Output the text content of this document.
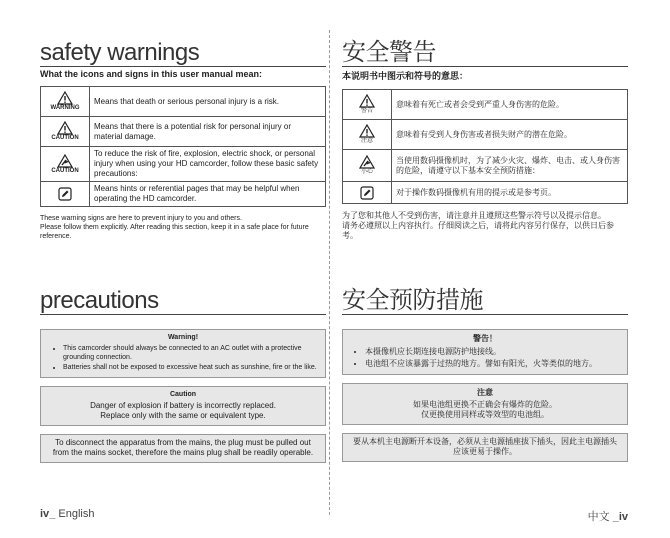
safety warnings
What the icons and signs in this user manual mean:
WARNING	Means that death or serious personal injury is a risk.

CAUTION	Means that there is a potential risk for personal injury or material damage.

CAUTION	To reduce the risk of fire, explosion, electric shock, or personal injury when using your HD camcorder, follow these basic safety precautions:

	Means hints or referential pages that may be helpful when operating the HD camcorder.
These warning signs are here to prevent injury to you and others.
Please follow them explicitly. After reading this section, keep it in a safe place for future reference.
precautions
Warning!
• This camcorder should always be connected to an AC outlet with a protective grounding connection.
• Batteries shall not be exposed to excessive heat such as sunshine, fire or the like.
Caution
Danger of explosion if battery is incorrectly replaced.
Replace only with the same or equivalent type.
To disconnect the apparatus from the mains, the plug must be pulled out from the mains socket, therefore the mains plug shall be readily operable.
安全警告
本说明书中图示和符号的意思：
警告	意味着有死亡或者会受到严重人身伤害的危险。

注意	意味着有受到人身伤害或者损失财产的潜在危险。

小心	当使用数码摄像机时，为了减少火灾、爆炸、电击、或人身伤害的危险，请遵守以下基本安全预防措施：

	对于操作数码摄像机有用的提示或是参考页。
为了您和其他人不受到伤害，请注意并且遵照这些警示符号以及提示信息。
请务必遵照以上内容执行。仔细阅读之后，请将此内容另行保存，以供日后参考。
安全预防措施
警告！
• 本摄像机应长期连接电源防护地接线。
• 电池组不应该暴露于过热的地方。譬如有阳光，火等类似的地方。
注意
如果电池组更换不正确会有爆炸的危险。
仅更换使用同样或等效型的电池组。
要从本机主电源断开本设备，必须从主电源插座拔下插头，因此主电源插头应该更易于操作。
iv_ English	中文 _iv
